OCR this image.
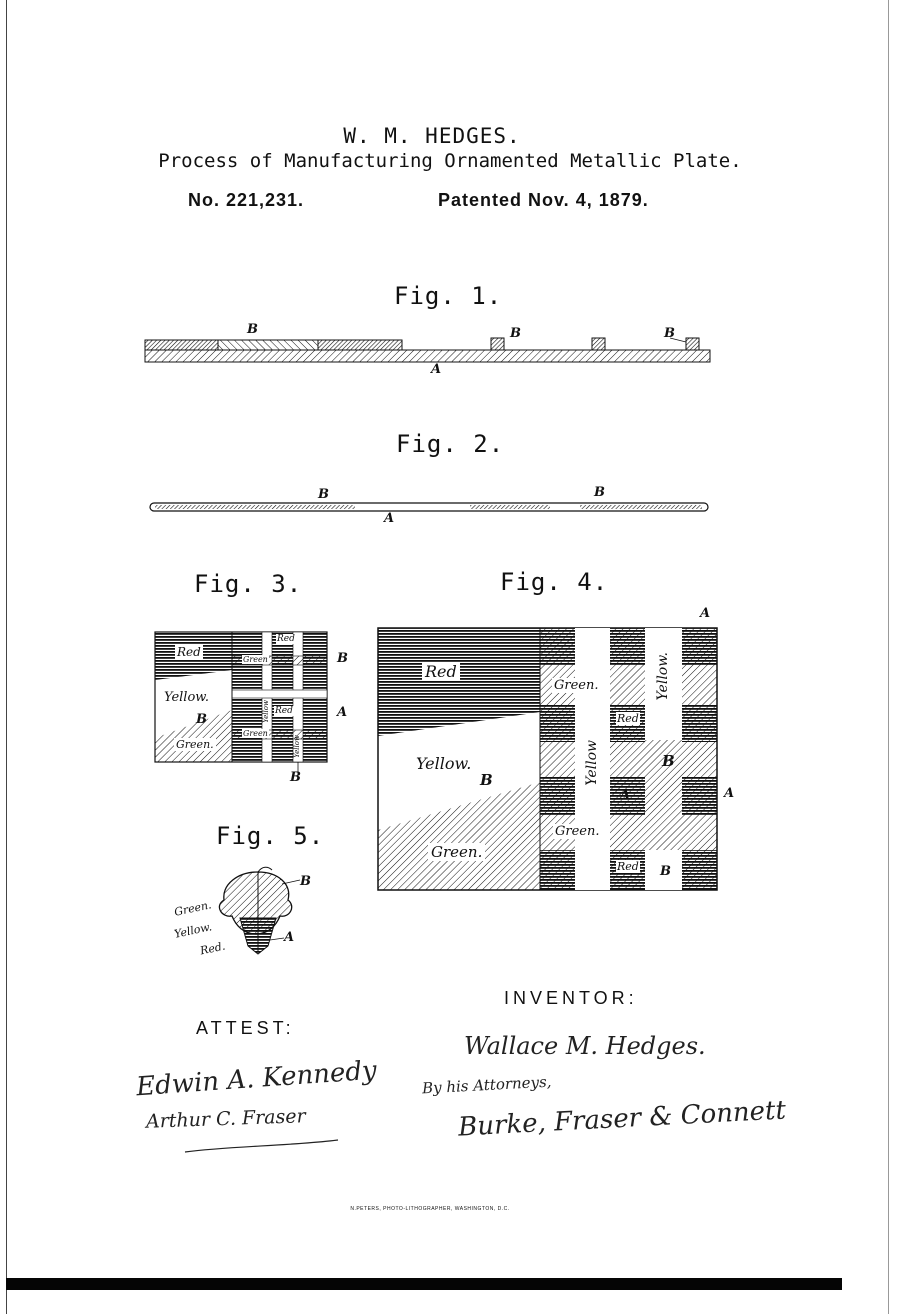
W. M. HEDGES.
Process of Manufacturing Ornamented Metallic Plate.
No. 221,231.	Patented Nov. 4, 1879.
Fig. 1.
Fig. 2.
Fig. 3.	Fig. 4.
Fig. 5.
B	B	B
A
B	B
A
Red
Yellow.
Green.
Green
Green
Red
Red
Yellow
Yellow
B
A
B
B
Red
Yellow.
Green.
Green.
Green.
Yellow
Yellow.
Red
Red
A
A
B
B
A
B
Green.
Yellow.
Red.
B
A
ATTEST:
Edwin A. Kennedy
Arthur C. Fraser
INVENTOR:
Wallace M. Hedges.
By his Attorneys,
Burke, Fraser & Connett
N.PETERS, PHOTO-LITHOGRAPHER, WASHINGTON, D.C.
